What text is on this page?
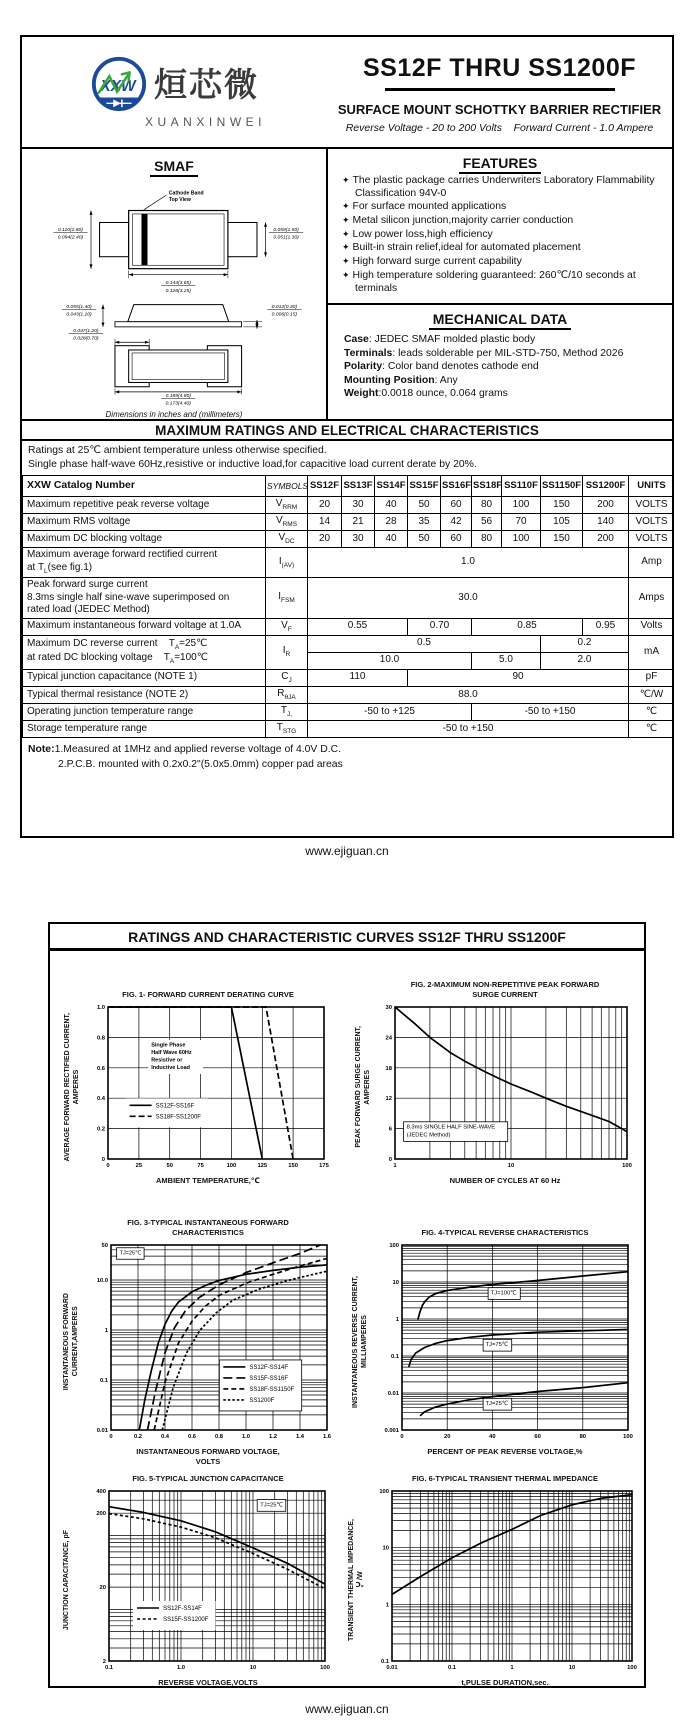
XXW 烜芯微
XUANXINWEI
SS12F THRU SS1200F
SURFACE MOUNT SCHOTTKY BARRIER RECTIFIER
Reverse Voltage - 20 to 200 Volts    Forward Current - 1.0 Ampere
SMAF
Cathode Band
Top View
0.110(2.80)
0.094(2.40)
0.059(1.50)
0.051(1.30)
0.144(3.65)
0.128(3.25)
0.055(1.40)
0.043(1.10)
0.012(0.30)
0.006(0.15)
0.047(1.20)
0.028(0.70)
0.189(4.80)
0.173(4.40)
Dimensions in inches and (millimeters)
FEATURES
✦ The plastic package carries Underwriters Laboratory Flammability Classification 94V-0
✦ For surface mounted applications
✦ Metal silicon junction,majority carrier conduction
✦ Low power loss,high efficiency
✦ Built-in strain relief,ideal for automated placement
✦ High forward surge current capability
✦ High temperature soldering guaranteed: 260℃/10 seconds at terminals
MECHANICAL DATA
Case: JEDEC SMAF molded plastic body
Terminals: leads solderable per MIL-STD-750, Method 2026
Polarity: Color band denotes cathode end
Mounting Position: Any
Weight:0.0018 ounce, 0.064 grams
MAXIMUM RATINGS AND ELECTRICAL CHARACTERISTICS
Ratings at 25℃ ambient temperature unless otherwise specified.
Single phase half-wave 60Hz,resistive or inductive load,for capacitive load current derate by 20%.
XXW Catalog Number	SYMBOLS	SS12F	SS13F	SS14F	SS15F	SS16F	SS18F	SS110F	SS1150F	SS1200F	UNITS
Maximum repetitive peak reverse voltage	$V_{RRM}$	20	30	40	50	60	80	100	150	200	VOLTS
Maximum RMS voltage	$V_{RMS}$	14	21	28	35	42	56	70	105	140	VOLTS
Maximum DC blocking voltage	$V_{DC}$	20	30	40	50	60	80	100	150	200	VOLTS
Maximum average forward rectified current
at $T_L(see$ fig.1)	$I_{(AV)}$	1.0									Amp
Peak forward surge current
8.3ms single half sine-wave superimposed on
rated load (JEDEC Method)	$I_{FSM}$	30.0									Amps
Maximum instantaneous forward voltage at 1.0A	$V_F$	0.55			0.70		0.85			0.95	Volts
Maximum DC reverse current    $T_A=25℃$
at rated DC blocking voltage    $T_A=100℃$	$I_R$	0.5							0.2		mA
		10.0					5.0		2.0		
Typical junction capacitance (NOTE 1)	$C_J$	110			90						pF
Typical thermal resistance (NOTE 2)	$R_{\theta JA}$	88.0									℃/W
Operating junction temperature range	$T_{J,}$	-50 to +125					-50 to +150				℃
Storage temperature range	$T_{STG}$	-50 to +150									℃
Note:1.Measured at 1MHz and applied reverse voltage of 4.0V D.C.
2.P.C.B. mounted with 0.2x0.2"(5.0x5.0mm) copper pad areas
www.ejiguan.cn
RATINGS AND CHARACTERISTIC CURVES SS12F THRU SS1200F
FIG. 1- FORWARD CURRENT DERATING CURVE
AVERAGE FORWARD RECTIFIED CURRENT,
AMPERES
0	25	50	75	100	125	150	175
0
0.2
0.4
0.6
0.8
1.0
Single Phase
Half Wave 60Hz
Resistive or
Inductive Load
SS12F-SS16F
SS18F-SS1200F
AMBIENT TEMPERATURE,℃
FIG. 2-MAXIMUM NON-REPETITIVE PEAK FORWARD
SURGE CURRENT
PEAK FORWARD SURGE CURRENT,
AMPERES
1	10	100
0
6
12
18
24
30
8.3ms SINGLE HALF SINE-WAVE
(JEDEC Method)
NUMBER OF CYCLES AT 60 Hz
FIG. 3-TYPICAL INSTANTANEOUS FORWARD
CHARACTERISTICS
INSTANTANEOUS FORWARD
CURRENT,AMPERES
0	0.2	0.4	0.6	0.8	1.0	1.2	1.4	1.6
0.01
0.1
1
10.0
50
TJ=25℃
SS12F-SS14F
SS15F-SS16F
SS18F-SS1150F
SS1200F
INSTANTANEOUS FORWARD VOLTAGE,
VOLTS
FIG. 4-TYPICAL REVERSE CHARACTERISTICS
INSTANTANEOUS REVERSE CURRENT,
MILLIAMPERES
0	20	40	60	80	100
0.001
0.01
0.1
1
10
100
TJ=100℃
TJ=75℃
TJ=25℃
PERCENT OF PEAK REVERSE VOLTAGE,%
FIG. 5-TYPICAL JUNCTION CAPACITANCE
JUNCTION CAPACITANCE, pF
0.1	1.0	10	100
2
20
200
400
TJ=25℃
SS12F-SS14F
SS15F-SS1200F
REVERSE VOLTAGE,VOLTS
FIG. 6-TYPICAL TRANSIENT THERMAL IMPEDANCE
TRANSIENT THERMAL IMPEDANCE,
℃/W
0.01	0.1	1	10	100
0.1
1
10
100
t,PULSE DURATION,sec.
www.ejiguan.cn
